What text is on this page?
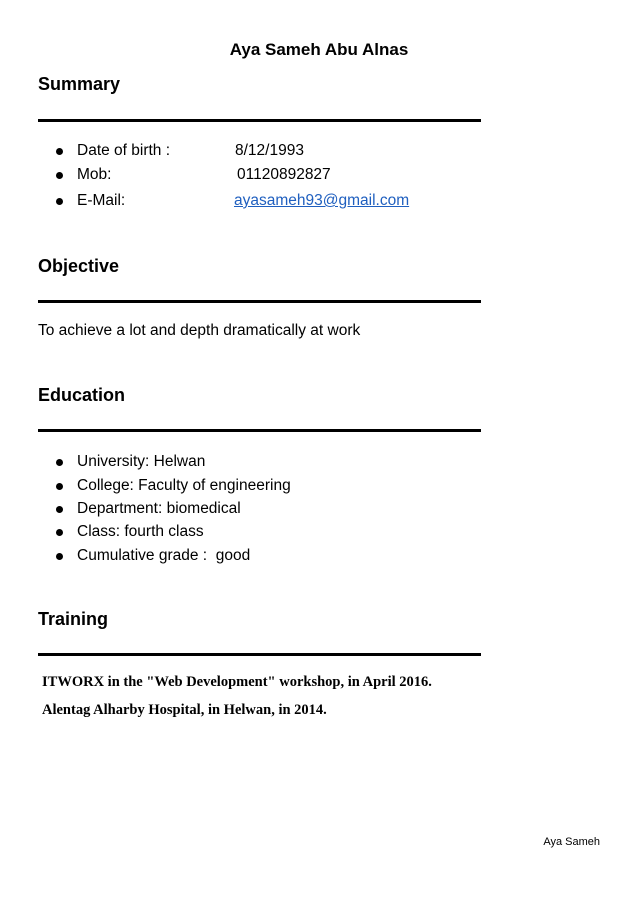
Aya Sameh Abu Alnas
Summary
Date of birth :	8/12/1993
Mob:	01120892827
E-Mail:	ayasameh93@gmail.com
Objective
To achieve a lot and depth dramatically at work
Education
University: Helwan
College: Faculty of engineering
Department: biomedical
Class: fourth class
Cumulative grade :  good
Training
ITWORX in the "Web Development" workshop, in April 2016.
Alentag Alharby Hospital, in Helwan, in 2014.
Aya Sameh
